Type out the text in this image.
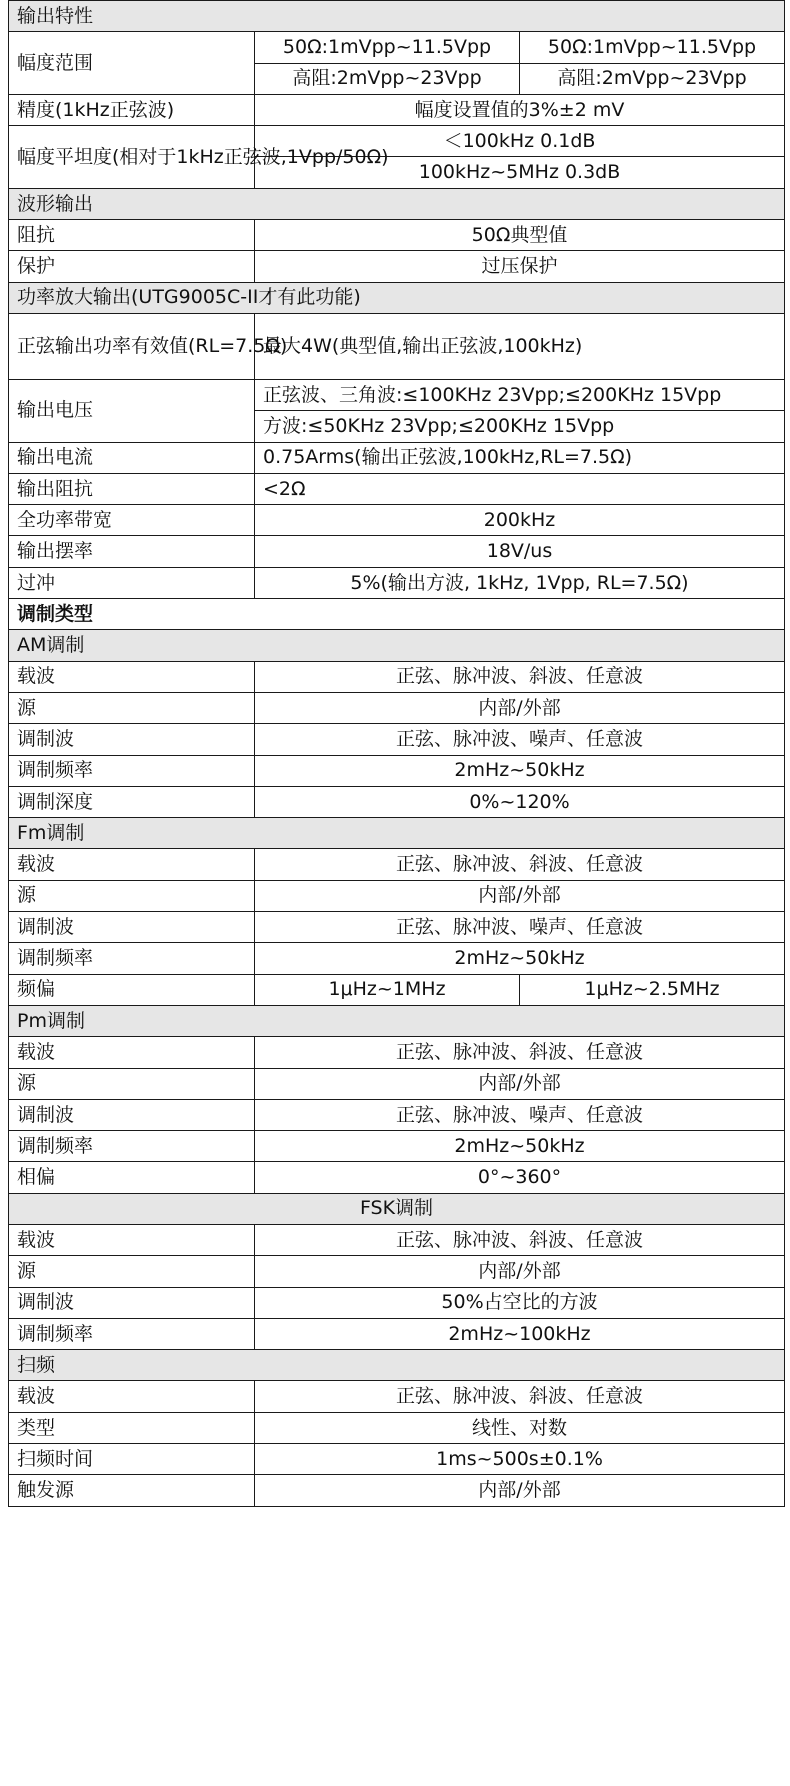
输出特性		
幅度范围	50Ω:1mVpp~11.5Vpp	50Ω:1mVpp~11.5Vpp
	高阻:2mVpp~23Vpp	高阻:2mVpp~23Vpp
精度(1kHz正弦波)	幅度设置值的3%±2 mV	
幅度平坦度(相对于1kHz正弦波,1Vpp/50Ω)	＜100kHz 0.1dB	
	100kHz~5MHz 0.3dB	
波形输出		
阻抗	50Ω典型值	
保护	过压保护	
功率放大输出(UTG9005C-II才有此功能)		
正弦输出功率有效值(RL=7.5Ω)	最大4W(典型值,输出正弦波,100kHz)	
输出电压	正弦波、三角波:≤100KHz 23Vpp;≤200KHz 15Vpp	
	方波:≤50KHz 23Vpp;≤200KHz 15Vpp	
输出电流	0.75Arms(输出正弦波,100kHz,RL=7.5Ω)	
输出阻抗	<2Ω	
全功率带宽	200kHz	
输出摆率	18V/us	
过冲	5%(输出方波, 1kHz, 1Vpp, RL=7.5Ω)	
调制类型		
AM调制		
载波	正弦、脉冲波、斜波、任意波	
源	内部/外部	
调制波	正弦、脉冲波、噪声、任意波	
调制频率	2mHz~50kHz	
调制深度	0%~120%	
Fm调制		
载波	正弦、脉冲波、斜波、任意波	
源	内部/外部	
调制波	正弦、脉冲波、噪声、任意波	
调制频率	2mHz~50kHz	
频偏	1μHz~1MHz	1μHz~2.5MHz
Pm调制		
载波	正弦、脉冲波、斜波、任意波	
源	内部/外部	
调制波	正弦、脉冲波、噪声、任意波	
调制频率	2mHz~50kHz	
相偏	0°~360°	
FSK调制		
载波	正弦、脉冲波、斜波、任意波	
源	内部/外部	
调制波	50%占空比的方波	
调制频率	2mHz~100kHz	
扫频		
载波	正弦、脉冲波、斜波、任意波	
类型	线性、对数	
扫频时间	1ms~500s±0.1%	
触发源	内部/外部	
